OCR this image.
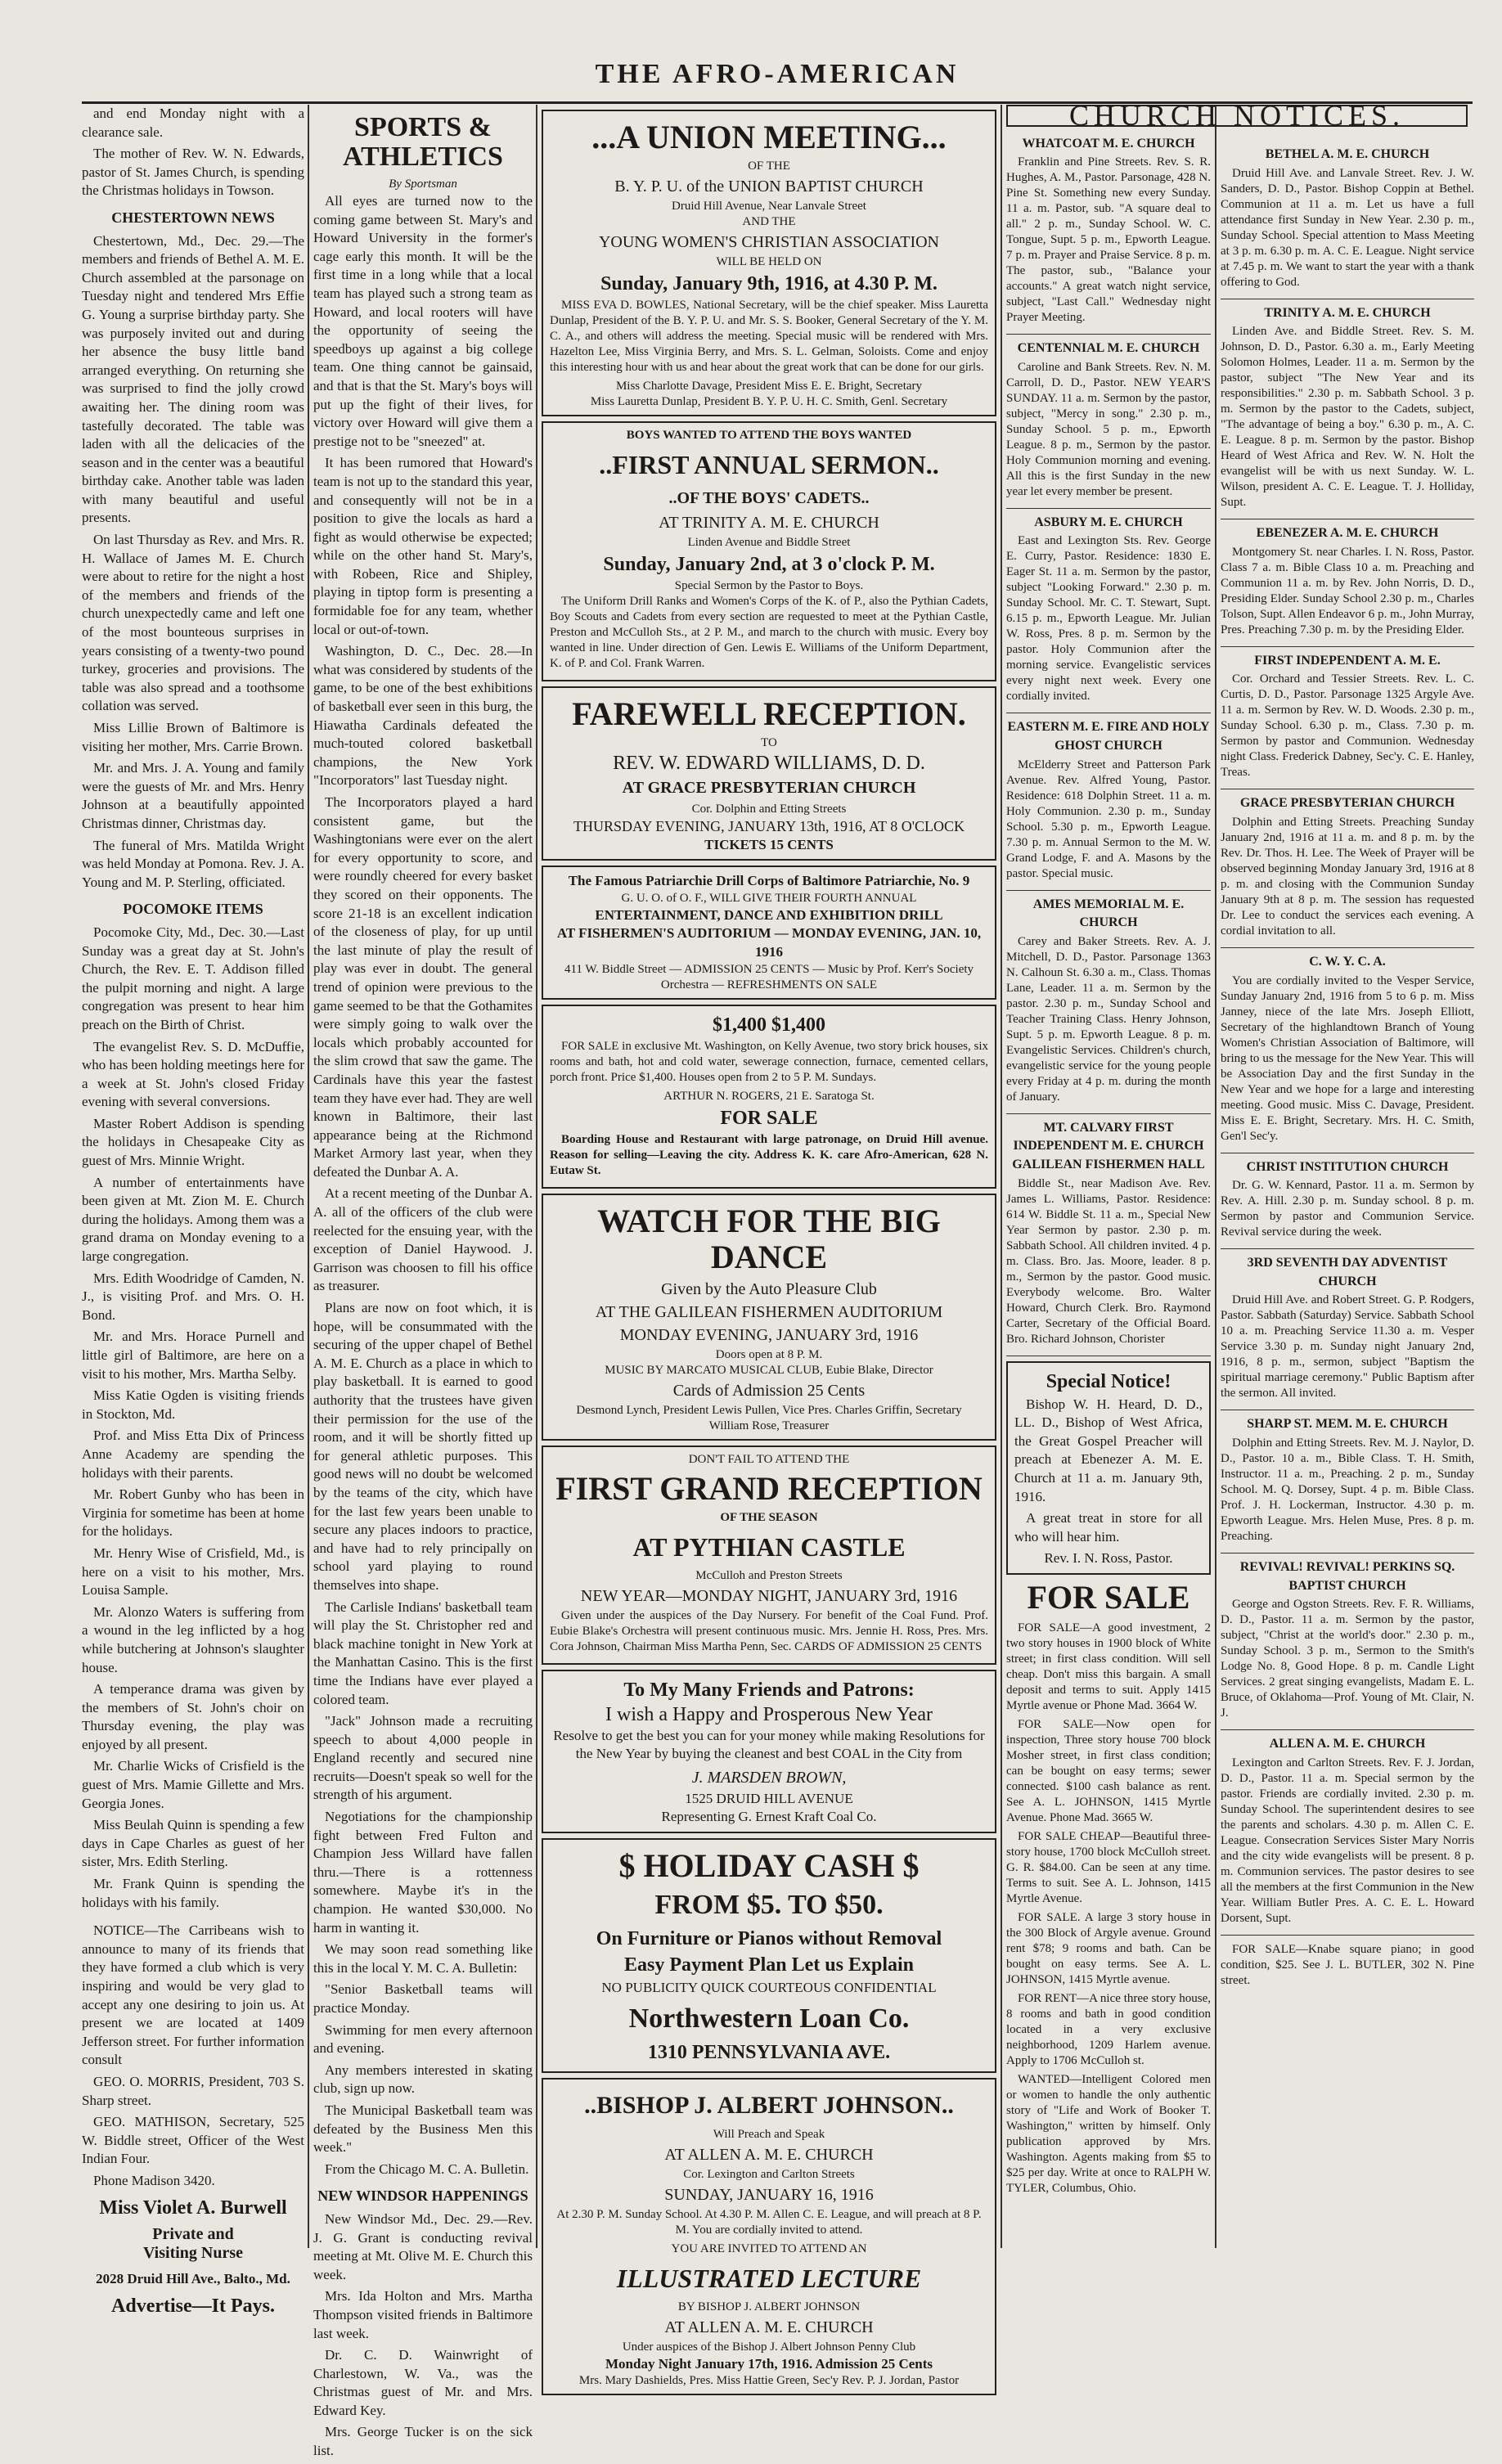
THE AFRO-AMERICAN

and end Monday night with a clearance sale.

The mother of Rev. W. N. Edwards, pastor of St. James Church, is spending the Christmas holidays in Towson.

CHESTERTOWN NEWS

Chestertown, Md., Dec. 29.—The members and friends of Bethel A. M. E. Church assembled at the parsonage on Tuesday night and tendered Mrs Effie G. Young a surprise birthday party. She was purposely invited out and during her absence the busy little band arranged everything. On returning she was surprised to find the jolly crowd awaiting her. The dining room was tastefully decorated. The table was laden with all the delicacies of the season and in the center was a beautiful birthday cake. Another table was laden with many beautiful and useful presents.

On last Thursday as Rev. and Mrs. R. H. Wallace of James M. E. Church were about to retire for the night a host of the members and friends of the church unexpectedly came and left one of the most bounteous surprises in years consisting of a twenty-two pound turkey, groceries and provisions. The table was also spread and a toothsome collation was served.

Miss Lillie Brown of Baltimore is visiting her mother, Mrs. Carrie Brown.

Mr. and Mrs. J. A. Young and family were the guests of Mr. and Mrs. Henry Johnson at a beautifully appointed Christmas dinner, Christmas day.

The funeral of Mrs. Matilda Wright was held Monday at Pomona. Rev. J. A. Young and M. P. Sterling, officiated.

POCOMOKE ITEMS

Pocomoke City, Md., Dec. 30.—Last Sunday was a great day at St. John's Church, the Rev. E. T. Addison filled the pulpit morning and night. A large congregation was present to hear him preach on the Birth of Christ.

The evangelist Rev. S. D. McDuffie, who has been holding meetings here for a week at St. John's closed Friday evening with several conversions.

Master Robert Addison is spending the holidays in Chesapeake City as guest of Mrs. Minnie Wright.

A number of entertainments have been given at Mt. Zion M. E. Church during the holidays. Among them was a grand drama on Monday evening to a large congregation.

Mrs. Edith Woodridge of Camden, N. J., is visiting Prof. and Mrs. O. H. Bond.

Mr. and Mrs. Horace Purnell and little girl of Baltimore, are here on a visit to his mother, Mrs. Martha Selby.

Miss Katie Ogden is visiting friends in Stockton, Md.

Prof. and Miss Etta Dix of Princess Anne Academy are spending the holidays with their parents.

Mr. Robert Gunby who has been in Virginia for sometime has been at home for the holidays.

Mr. Henry Wise of Crisfield, Md., is here on a visit to his mother, Mrs. Louisa Sample.

Mr. Alonzo Waters is suffering from a wound in the leg inflicted by a hog while butchering at Johnson's slaughter house.

A temperance drama was given by the members of St. John's choir on Thursday evening, the play was enjoyed by all present.

Mr. Charlie Wicks of Crisfield is the guest of Mrs. Mamie Gillette and Mrs. Georgia Jones.

Miss Beulah Quinn is spending a few days in Cape Charles as guest of her sister, Mrs. Edith Sterling.

Mr. Frank Quinn is spending the holidays with his family.

NOTICE—The Carribeans wish to announce to many of its friends that they have formed a club which is very inspiring and would be very glad to accept any one desiring to join us. At present we are located at 1409 Jefferson street. For further information consult

GEO. O. MORRIS, President, 703 S. Sharp street.

GEO. MATHISON, Secretary, 525 W. Biddle street, Officer of the West Indian Four.

Phone Madison 3420.

Miss Violet A. Burwell
Private and
Visiting Nurse
2028 Druid Hill Ave., Balto., Md.
Advertise—It Pays.
SPORTS & ATHLETICS
By Sportsman

All eyes are turned now to the coming game between St. Mary's and Howard University in the former's cage early this month. It will be the first time in a long while that a local team has played such a strong team as Howard, and local rooters will have the opportunity of seeing the speedboys up against a big college team. One thing cannot be gainsaid, and that is that the St. Mary's boys will put up the fight of their lives, for victory over Howard will give them a prestige not to be "sneezed" at.

It has been rumored that Howard's team is not up to the standard this year, and consequently will not be in a position to give the locals as hard a fight as would otherwise be expected; while on the other hand St. Mary's, with Robeen, Rice and Shipley, playing in tiptop form is presenting a formidable foe for any team, whether local or out-of-town.

Washington, D. C., Dec. 28.—In what was considered by students of the game, to be one of the best exhibitions of basketball ever seen in this burg, the Hiawatha Cardinals defeated the much-touted colored basketball champions, the New York "Incorporators" last Tuesday night.

The Incorporators played a hard consistent game, but the Washingtonians were ever on the alert for every opportunity to score, and were roundly cheered for every basket they scored on their opponents. The score 21-18 is an excellent indication of the closeness of play, for up until the last minute of play the result of play was ever in doubt. The general trend of opinion were previous to the game seemed to be that the Gothamites were simply going to walk over the locals which probably accounted for the slim crowd that saw the game. The Cardinals have this year the fastest team they have ever had. They are well known in Baltimore, their last appearance being at the Richmond Market Armory last year, when they defeated the Dunbar A. A.

At a recent meeting of the Dunbar A. A. all of the officers of the club were reelected for the ensuing year, with the exception of Daniel Haywood. J. Garrison was choosen to fill his office as treasurer.

Plans are now on foot which, it is hope, will be consummated with the securing of the upper chapel of Bethel A. M. E. Church as a place in which to play basketball. It is earned to good authority that the trustees have given their permission for the use of the room, and it will be shortly fitted up for general athletic purposes. This good news will no doubt be welcomed by the teams of the city, which have for the last few years been unable to secure any places indoors to practice, and have had to rely principally on school yard playing to round themselves into shape.

The Carlisle Indians' basketball team will play the St. Christopher red and black machine tonight in New York at the Manhattan Casino. This is the first time the Indians have ever played a colored team.

"Jack" Johnson made a recruiting speech to about 4,000 people in England recently and secured nine recruits—Doesn't speak so well for the strength of his argument.

Negotiations for the championship fight between Fred Fulton and Champion Jess Willard have fallen thru.—There is a rottenness somewhere. Maybe it's in the champion. He wanted $30,000. No harm in wanting it.

We may soon read something like this in the local Y. M. C. A. Bulletin:

"Senior Basketball teams will practice Monday.

Swimming for men every afternoon and evening.

Any members interested in skating club, sign up now.

The Municipal Basketball team was defeated by the Business Men this week."

From the Chicago M. C. A. Bulletin.

NEW WINDSOR HAPPENINGS

New Windsor Md., Dec. 29.—Rev. J. G. Grant is conducting revival meeting at Mt. Olive M. E. Church this week.

Mrs. Ida Holton and Mrs. Martha Thompson visited friends in Baltimore last week.

Dr. C. D. Wainwright of Charlestown, W. Va., was the Christmas guest of Mr. and Mrs. Edward Key.

Mrs. George Tucker is on the sick list.

...A UNION MEETING...
OF THE
B. Y. P. U. of the UNION BAPTIST CHURCH
Druid Hill Avenue, Near Lanvale Street
AND THE
YOUNG WOMEN'S CHRISTIAN ASSOCIATION
WILL BE HELD ON
Sunday, January 9th, 1916, at 4.30 P. M.

MISS EVA D. BOWLES, National Secretary, will be the chief speaker. Miss Lauretta Dunlap, President of the B. Y. P. U. and Mr. S. S. Booker, General Secretary of the Y. M. C. A., and others will address the meeting. Special music will be rendered with Mrs. Hazelton Lee, Miss Virginia Berry, and Mrs. S. L. Gelman, Soloists. Come and enjoy this interesting hour with us and hear about the great work that can be done for our girls.

Miss Charlotte Davage, President Miss E. E. Bright, Secretary
Miss Lauretta Dunlap, President B. Y. P. U. H. C. Smith, Genl. Secretary
BOYS WANTED TO ATTEND THE BOYS WANTED
..FIRST ANNUAL SERMON..
..OF THE BOYS' CADETS..
AT TRINITY A. M. E. CHURCH
Linden Avenue and Biddle Street
Sunday, January 2nd, at 3 o'clock P. M.
Special Sermon by the Pastor to Boys.

The Uniform Drill Ranks and Women's Corps of the K. of P., also the Pythian Cadets, Boy Scouts and Cadets from every section are requested to meet at the Pythian Castle, Preston and McCulloh Sts., at 2 P. M., and march to the church with music. Every boy wanted in line. Under direction of Gen. Lewis E. Williams of the Uniform Department, K. of P. and Col. Frank Warren.

FAREWELL RECEPTION.
TO
REV. W. EDWARD WILLIAMS, D. D.
AT GRACE PRESBYTERIAN CHURCH
Cor. Dolphin and Etting Streets
THURSDAY EVENING, JANUARY 13th, 1916, AT 8 O'CLOCK
TICKETS 15 CENTS
The Famous Patriarchie Drill Corps of Baltimore Patriarchie, No. 9
G. U. O. of O. F., WILL GIVE THEIR FOURTH ANNUAL
ENTERTAINMENT, DANCE AND EXHIBITION DRILL
AT FISHERMEN'S AUDITORIUM — MONDAY EVENING, JAN. 10, 1916
411 W. Biddle Street — ADMISSION 25 CENTS — Music by Prof. Kerr's Society Orchestra — REFRESHMENTS ON SALE
$1,400 $1,400

FOR SALE in exclusive Mt. Washington, on Kelly Avenue, two story brick houses, six rooms and bath, hot and cold water, sewerage connection, furnace, cemented cellars, porch front. Price $1,400. Houses open from 2 to 5 P. M. Sundays.

ARTHUR N. ROGERS, 21 E. Saratoga St.
FOR SALE

Boarding House and Restaurant with large patronage, on Druid Hill avenue. Reason for selling—Leaving the city. Address K. K. care Afro-American, 628 N. Eutaw St.

WATCH FOR THE BIG DANCE
Given by the Auto Pleasure Club
AT THE GALILEAN FISHERMEN AUDITORIUM
MONDAY EVENING, JANUARY 3rd, 1916
Doors open at 8 P. M.
MUSIC BY MARCATO MUSICAL CLUB, Eubie Blake, Director
Cards of Admission 25 Cents
Desmond Lynch, President Lewis Pullen, Vice Pres. Charles Griffin, Secretary
William Rose, Treasurer
DON'T FAIL TO ATTEND THE
FIRST GRAND RECEPTION
OF THE SEASON
AT PYTHIAN CASTLE
McCulloh and Preston Streets
NEW YEAR—MONDAY NIGHT, JANUARY 3rd, 1916

Given under the auspices of the Day Nursery. For benefit of the Coal Fund. Prof. Eubie Blake's Orchestra will present continuous music. Mrs. Jennie H. Ross, Pres. Mrs. Cora Johnson, Chairman Miss Martha Penn, Sec. CARDS OF ADMISSION 25 CENTS

To My Many Friends and Patrons:
I wish a Happy and Prosperous New Year

Resolve to get the best you can for your money while making Resolutions for the New Year by buying the cleanest and best COAL in the City from

J. MARSDEN BROWN,
1525 DRUID HILL AVENUE
Representing G. Ernest Kraft Coal Co.
$ HOLIDAY CASH $
FROM $5. TO $50.
On Furniture or Pianos without Removal
Easy Payment Plan Let us Explain
NO PUBLICITY QUICK COURTEOUS CONFIDENTIAL
Northwestern Loan Co.
1310 PENNSYLVANIA AVE.
..BISHOP J. ALBERT JOHNSON..
Will Preach and Speak
AT ALLEN A. M. E. CHURCH
Cor. Lexington and Carlton Streets
SUNDAY, JANUARY 16, 1916

At 2.30 P. M. Sunday School. At 4.30 P. M. Allen C. E. League, and will preach at 8 P. M. You are cordially invited to attend.

YOU ARE INVITED TO ATTEND AN
ILLUSTRATED LECTURE
BY BISHOP J. ALBERT JOHNSON
AT ALLEN A. M. E. CHURCH
Under auspices of the Bishop J. Albert Johnson Penny Club
Monday Night January 17th, 1916. Admission 25 Cents
Mrs. Mary Dashields, Pres. Miss Hattie Green, Sec'y Rev. P. J. Jordan, Pastor
CHURCH NOTICES.
WHATCOAT M. E. CHURCH

Franklin and Pine Streets. Rev. S. R. Hughes, A. M., Pastor. Parsonage, 428 N. Pine St. Something new every Sunday. 11 a. m. Pastor, sub. "A square deal to all." 2 p. m., Sunday School. W. C. Tongue, Supt. 5 p. m., Epworth League. 7 p. m. Prayer and Praise Service. 8 p. m. The pastor, sub., "Balance your accounts." A great watch night service, subject, "Last Call." Wednesday night Prayer Meeting.

CENTENNIAL M. E. CHURCH

Caroline and Bank Streets. Rev. N. M. Carroll, D. D., Pastor. NEW YEAR'S SUNDAY. 11 a. m. Sermon by the pastor, subject, "Mercy in song." 2.30 p. m., Sunday School. 5 p. m., Epworth League. 8 p. m., Sermon by the pastor. Holy Communion morning and evening. All this is the first Sunday in the new year let every member be present.

ASBURY M. E. CHURCH

East and Lexington Sts. Rev. George E. Curry, Pastor. Residence: 1830 E. Eager St. 11 a. m. Sermon by the pastor, subject "Looking Forward." 2.30 p. m. Sunday School. Mr. C. T. Stewart, Supt. 6.15 p. m., Epworth League. Mr. Julian W. Ross, Pres. 8 p. m. Sermon by the pastor. Holy Communion after the morning service. Evangelistic services every night next week. Every one cordially invited.

EASTERN M. E. FIRE AND HOLY GHOST CHURCH

McElderry Street and Patterson Park Avenue. Rev. Alfred Young, Pastor. Residence: 618 Dolphin Street. 11 a. m. Holy Communion. 2.30 p. m., Sunday School. 5.30 p. m., Epworth League. 7.30 p. m. Annual Sermon to the M. W. Grand Lodge, F. and A. Masons by the pastor. Special music.

AMES MEMORIAL M. E. CHURCH

Carey and Baker Streets. Rev. A. J. Mitchell, D. D., Pastor. Parsonage 1363 N. Calhoun St. 6.30 a. m., Class. Thomas Lane, Leader. 11 a. m. Sermon by the pastor. 2.30 p. m., Sunday School and Teacher Training Class. Henry Johnson, Supt. 5 p. m. Epworth League. 8 p. m. Evangelistic Services. Children's church, evangelistic service for the young people every Friday at 4 p. m. during the month of January.

MT. CALVARY FIRST INDEPENDENT M. E. CHURCH GALILEAN FISHERMEN HALL

Biddle St., near Madison Ave. Rev. James L. Williams, Pastor. Residence: 614 W. Biddle St. 11 a. m., Special New Year Sermon by pastor. 2.30 p. m. Sabbath School. All children invited. 4 p. m. Class. Bro. Jas. Moore, leader. 8 p. m., Sermon by the pastor. Good music. Everybody welcome. Bro. Walter Howard, Church Clerk. Bro. Raymond Carter, Secretary of the Official Board. Bro. Richard Johnson, Chorister

Special Notice!

Bishop W. H. Heard, D. D., LL. D., Bishop of West Africa, the Great Gospel Preacher will preach at Ebenezer A. M. E. Church at 11 a. m. January 9th, 1916.

A great treat in store for all who will hear him.

Rev. I. N. Ross, Pastor.
FOR SALE

FOR SALE—A good investment, 2 two story houses in 1900 block of White street; in first class condition. Will sell cheap. Don't miss this bargain. A small deposit and terms to suit. Apply 1415 Myrtle avenue or Phone Mad. 3664 W.

FOR SALE—Now open for inspection, Three story house 700 block Mosher street, in first class condition; can be bought on easy terms; sewer connected. $100 cash balance as rent. See A. L. JOHNSON, 1415 Myrtle Avenue. Phone Mad. 3665 W.

FOR SALE CHEAP—Beautiful three-story house, 1700 block McCulloh street. G. R. $84.00. Can be seen at any time. Terms to suit. See A. L. Johnson, 1415 Myrtle Avenue.

FOR SALE. A large 3 story house in the 300 Block of Argyle avenue. Ground rent $78; 9 rooms and bath. Can be bought on easy terms. See A. L. JOHNSON, 1415 Myrtle avenue.

FOR RENT—A nice three story house, 8 rooms and bath in good condition located in a very exclusive neighborhood, 1209 Harlem avenue. Apply to 1706 McCulloh st.

WANTED—Intelligent Colored men or women to handle the only authentic story of "Life and Work of Booker T. Washington," written by himself. Only publication approved by Mrs. Washington. Agents making from $5 to $25 per day. Write at once to RALPH W. TYLER, Columbus, Ohio.

BETHEL A. M. E. CHURCH

Druid Hill Ave. and Lanvale Street. Rev. J. W. Sanders, D. D., Pastor. Bishop Coppin at Bethel. Communion at 11 a. m. Let us have a full attendance first Sunday in New Year. 2.30 p. m., Sunday School. Special attention to Mass Meeting at 3 p. m. 6.30 p. m. A. C. E. League. Night service at 7.45 p. m. We want to start the year with a thank offering to God.

TRINITY A. M. E. CHURCH

Linden Ave. and Biddle Street. Rev. S. M. Johnson, D. D., Pastor. 6.30 a. m., Early Meeting Solomon Holmes, Leader. 11 a. m. Sermon by the pastor, subject "The New Year and its responsibilities." 2.30 p. m. Sabbath School. 3 p. m. Sermon by the pastor to the Cadets, subject, "The advantage of being a boy." 6.30 p. m., A. C. E. League. 8 p. m. Sermon by the pastor. Bishop Heard of West Africa and Rev. W. N. Holt the evangelist will be with us next Sunday. W. L. Wilson, president A. C. E. League. T. J. Holliday, Supt.

EBENEZER A. M. E. CHURCH

Montgomery St. near Charles. I. N. Ross, Pastor. Class 7 a. m. Bible Class 10 a. m. Preaching and Communion 11 a. m. by Rev. John Norris, D. D., Presiding Elder. Sunday School 2.30 p. m., Charles Tolson, Supt. Allen Endeavor 6 p. m., John Murray, Pres. Preaching 7.30 p. m. by the Presiding Elder.

FIRST INDEPENDENT A. M. E.

Cor. Orchard and Tessier Streets. Rev. L. C. Curtis, D. D., Pastor. Parsonage 1325 Argyle Ave. 11 a. m. Sermon by Rev. W. D. Woods. 2.30 p. m., Sunday School. 6.30 p. m., Class. 7.30 p. m. Sermon by pastor and Communion. Wednesday night Class. Frederick Dabney, Sec'y. C. E. Hanley, Treas.

GRACE PRESBYTERIAN CHURCH

Dolphin and Etting Streets. Preaching Sunday January 2nd, 1916 at 11 a. m. and 8 p. m. by the Rev. Dr. Thos. H. Lee. The Week of Prayer will be observed beginning Monday January 3rd, 1916 at 8 p. m. and closing with the Communion Sunday January 9th at 8 p. m. The session has requested Dr. Lee to conduct the services each evening. A cordial invitation to all.

C. W. Y. C. A.

You are cordially invited to the Vesper Service, Sunday January 2nd, 1916 from 5 to 6 p. m. Miss Janney, niece of the late Mrs. Joseph Elliott, Secretary of the highlandtown Branch of Young Women's Christian Association of Baltimore, will bring to us the message for the New Year. This will be Association Day and the first Sunday in the New Year and we hope for a large and interesting meeting. Good music. Miss C. Davage, President. Miss E. E. Bright, Secretary. Mrs. H. C. Smith, Gen'l Sec'y.

CHRIST INSTITUTION CHURCH

Dr. G. W. Kennard, Pastor. 11 a. m. Sermon by Rev. A. Hill. 2.30 p. m. Sunday school. 8 p. m. Sermon by pastor and Communion Service. Revival service during the week.

3RD SEVENTH DAY ADVENTIST CHURCH

Druid Hill Ave. and Robert Street. G. P. Rodgers, Pastor. Sabbath (Saturday) Service. Sabbath School 10 a. m. Preaching Service 11.30 a. m. Vesper Service 3.30 p. m. Sunday night January 2nd, 1916, 8 p. m., sermon, subject "Baptism the spiritual marriage ceremony." Public Baptism after the sermon. All invited.

SHARP ST. MEM. M. E. CHURCH

Dolphin and Etting Streets. Rev. M. J. Naylor, D. D., Pastor. 10 a. m., Bible Class. T. H. Smith, Instructor. 11 a. m., Preaching. 2 p. m., Sunday School. M. Q. Dorsey, Supt. 4 p. m. Bible Class. Prof. J. H. Lockerman, Instructor. 4.30 p. m. Epworth League. Mrs. Helen Muse, Pres. 8 p. m. Preaching.

REVIVAL! REVIVAL! PERKINS SQ. BAPTIST CHURCH

George and Ogston Streets. Rev. F. R. Williams, D. D., Pastor. 11 a. m. Sermon by the pastor, subject, "Christ at the world's door." 2.30 p. m., Sunday School. 3 p. m., Sermon to the Smith's Lodge No. 8, Good Hope. 8 p. m. Candle Light Services. 2 great singing evangelists, Madam E. L. Bruce, of Oklahoma—Prof. Young of Mt. Clair, N. J.

ALLEN A. M. E. CHURCH

Lexington and Carlton Streets. Rev. F. J. Jordan, D. D., Pastor. 11 a. m. Special sermon by the pastor. Friends are cordially invited. 2.30 p. m. Sunday School. The superintendent desires to see the parents and scholars. 4.30 p. m. Allen C. E. League. Consecration Services Sister Mary Norris and the city wide evangelists will be present. 8 p. m. Communion services. The pastor desires to see all the members at the first Communion in the New Year. William Butler Pres. A. C. E. L. Howard Dorsent, Supt.

FOR SALE—Knabe square piano; in good condition, $25. See J. L. BUTLER, 302 N. Pine street.
